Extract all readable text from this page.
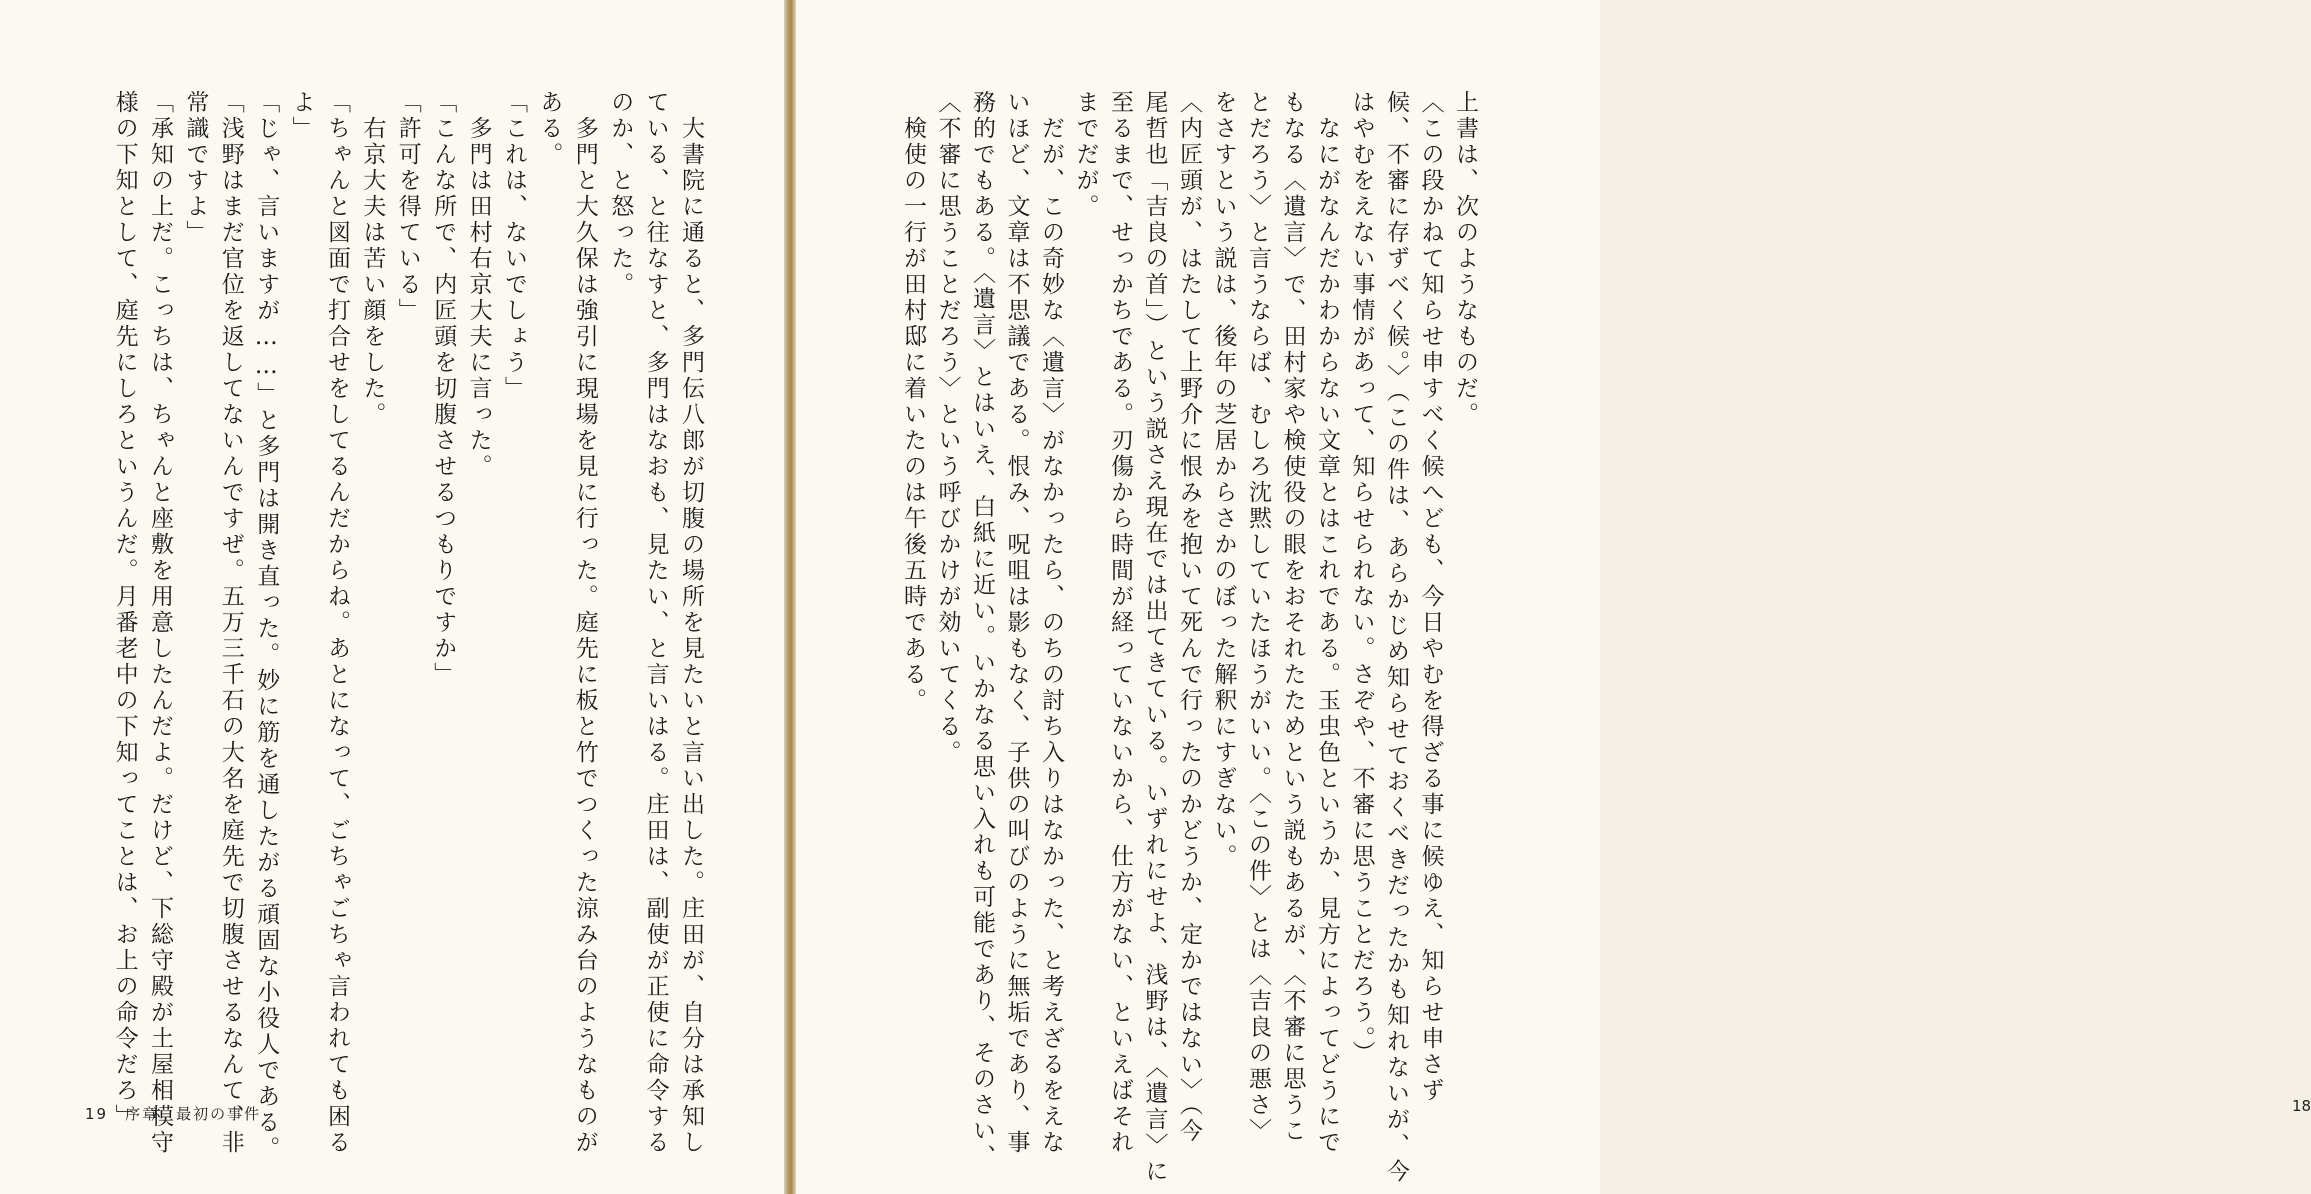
　大書院に通ると、多門伝八郎が切腹の場所を見たいと言い出した。庄田が、自分は承知し
ている、と往なすと、多門はなおも、見たい、と言いはる。庄田は、副使が正使に命令する
のか、と怒った。
　多門と大久保は強引に現場を見に行った。庭先に板と竹でつくった涼み台のようなものが
ある。
「これは、ないでしょう」
　多門は田村右京大夫に言った。
「こんな所で、内匠頭を切腹させるつもりですか」
「許可を得ている」
　右京大夫は苦い顔をした。
「ちゃんと図面で打合せをしてるんだからね。あとになって、ごちゃごちゃ言われても困る
よ」
「じゃ、言いますが……」と多門は開き直った。妙に筋を通したがる頑固な小役人である。
「浅野はまだ官位を返してないんですぜ。五万三千石の大名を庭先で切腹させるなんて、非
常識ですよ」
「承知の上だ。こっちは、ちゃんと座敷を用意したんだよ。だけど、下総守殿が土屋相模守
様の下知として、庭先にしろというんだ。月番老中の下知ってことは、お上の命令だろ」
19　序章　最初の事件
上書は、次のようなものだ。
〈この段かねて知らせ申すべく候へども、今日やむを得ざる事に候ゆえ、知らせ申さず
候、不審に存ずべく候。〉（この件は、あらかじめ知らせておくべきだったかも知れないが、今
はやむをえない事情があって、知らせられない。さぞや、不審に思うことだろう。）
　なにがなんだかわからない文章とはこれである。玉虫色というか、見方によってどうにで
もなる〈遺言〉で、田村家や検使役の眼をおそれたためという説もあるが、〈不審に思うこ
とだろう〉と言うならば、むしろ沈黙していたほうがいい。〈この件〉とは〈吉良の悪さ〉
をさすという説は、後年の芝居からさかのぼった解釈にすぎない。
〈内匠頭が、はたして上野介に恨みを抱いて死んで行ったのかどうか、定かではない〉（今
尾哲也「吉良の首」）という説さえ現在では出てきている。いずれにせよ、浅野は、〈遺言〉に
至るまで、せっかちである。刃傷から時間が経っていないから、仕方がない、といえばそれ
までだが。
　だが、この奇妙な〈遺言〉がなかったら、のちの討ち入りはなかった、と考えざるをえな
いほど、文章は不思議である。恨み、呪咀は影もなく、子供の叫びのように無垢であり、事
務的でもある。〈遺言〉とはいえ、白紙に近い。いかなる思い入れも可能であり、そのさい、
〈不審に思うことだろう〉という呼びかけが効いてくる。
　検使の一行が田村邸に着いたのは午後五時である。
18
